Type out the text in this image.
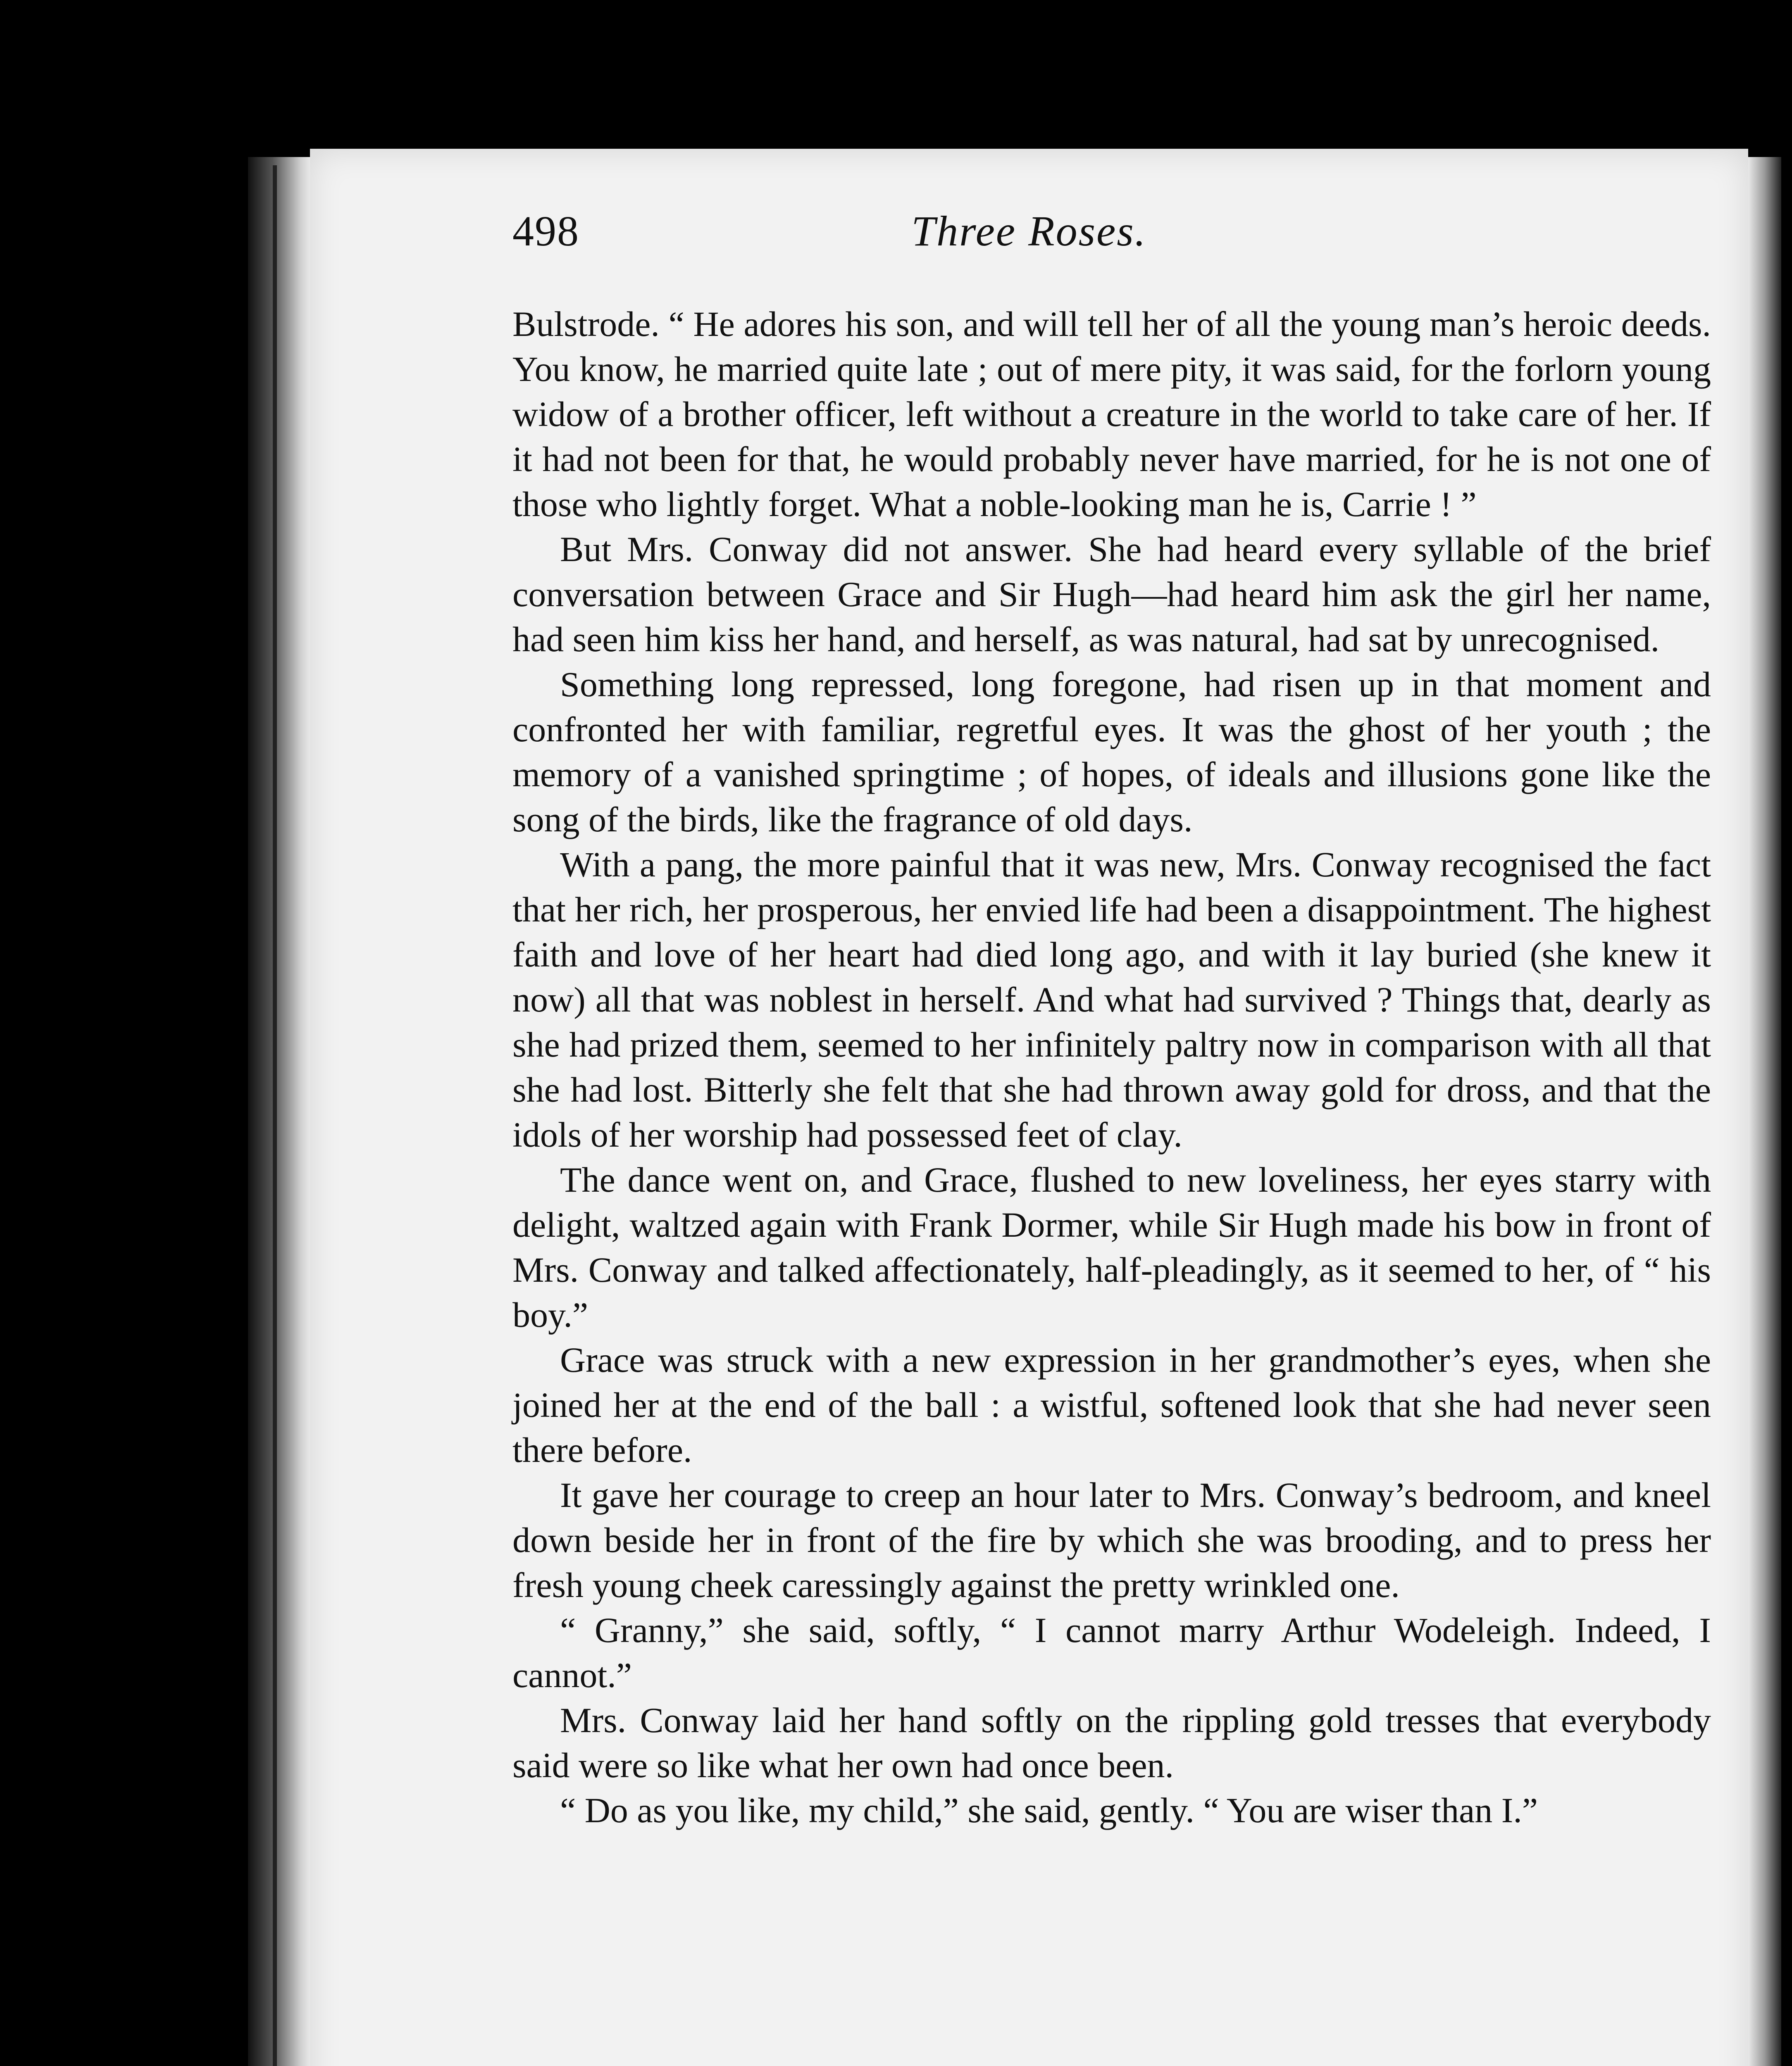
498	Three Roses.

Bulstrode. “ He adores his son, and will tell her of all the young man’s heroic deeds. You know, he married quite late ; out of mere pity, it was said, for the forlorn young widow of a brother officer, left without a creature in the world to take care of her. If it had not been for that, he would probably never have married, for he is not one of those who lightly forget. What a noble-looking man he is, Carrie ! ”

But Mrs. Conway did not answer. She had heard every syllable of the brief conversation between Grace and Sir Hugh—had heard him ask the girl her name, had seen him kiss her hand, and herself, as was natural, had sat by unrecognised.

Something long repressed, long foregone, had risen up in that moment and confronted her with familiar, regretful eyes. It was the ghost of her youth ; the memory of a vanished springtime ; of hopes, of ideals and illusions gone like the song of the birds, like the fragrance of old days.

With a pang, the more painful that it was new, Mrs. Conway recognised the fact that her rich, her prosperous, her envied life had been a disappointment. The highest faith and love of her heart had died long ago, and with it lay buried (she knew it now) all that was noblest in herself. And what had survived ? Things that, dearly as she had prized them, seemed to her infinitely paltry now in comparison with all that she had lost. Bitterly she felt that she had thrown away gold for dross, and that the idols of her worship had possessed feet of clay.

The dance went on, and Grace, flushed to new loveliness, her eyes starry with delight, waltzed again with Frank Dormer, while Sir Hugh made his bow in front of Mrs. Conway and talked affectionately, half-pleadingly, as it seemed to her, of “ his boy.”

Grace was struck with a new expression in her grandmother’s eyes, when she joined her at the end of the ball : a wistful, softened look that she had never seen there before.

It gave her courage to creep an hour later to Mrs. Conway’s bedroom, and kneel down beside her in front of the fire by which she was brooding, and to press her fresh young cheek caressingly against the pretty wrinkled one.

“ Granny,” she said, softly, “ I cannot marry Arthur Wodeleigh. Indeed, I cannot.”

Mrs. Conway laid her hand softly on the rippling gold tresses that everybody said were so like what her own had once been.

“ Do as you like, my child,” she said, gently. “ You are wiser than I.”
